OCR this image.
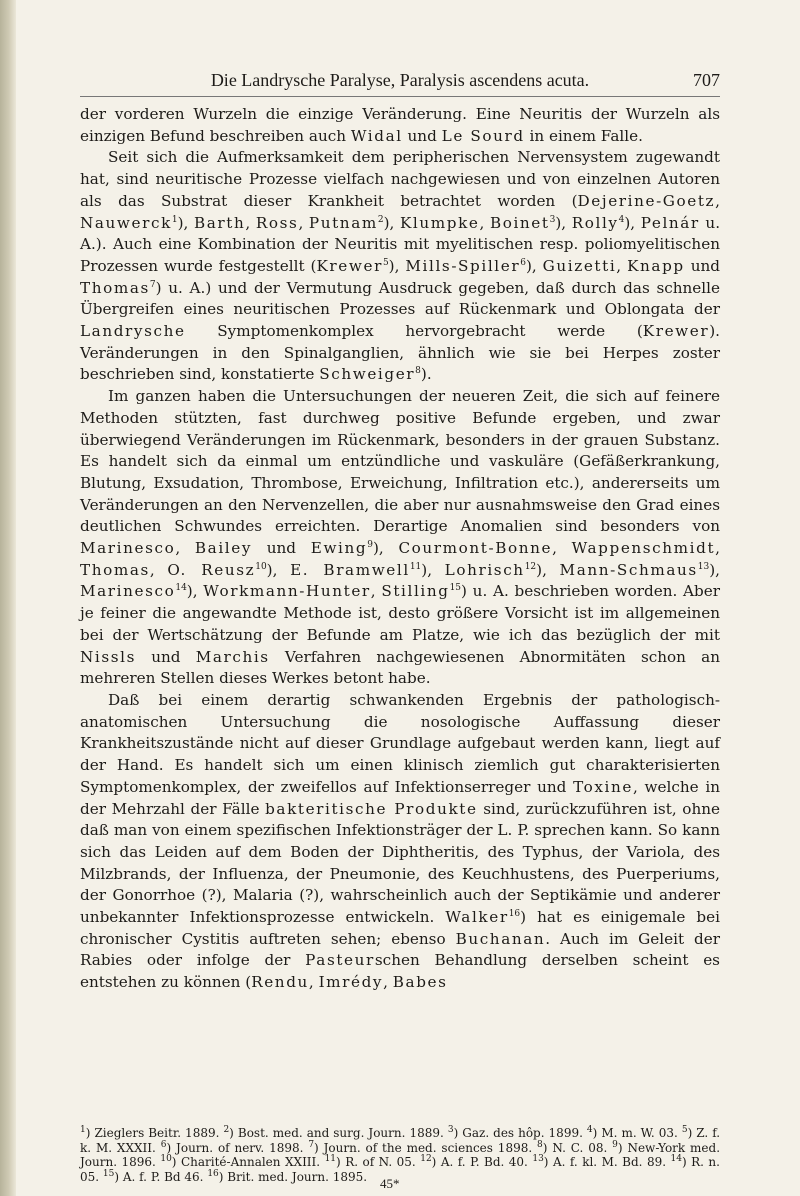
Die Landrysche Paralyse, Paralysis ascendens acuta.	707

der vorderen Wurzeln die einzige Veränderung. Eine Neuritis der Wurzeln als einzigen Befund beschreiben auch Widal und Le Sourd in einem Falle.

Seit sich die Aufmerksamkeit dem peripherischen Nervensystem zugewandt hat, sind neuritische Prozesse vielfach nachgewiesen und von einzelnen Autoren als das Substrat dieser Krankheit betrachtet worden (Dejerine-Goetz, Nauwerck$^1$), Barth, Ross, Putnam$^2$), Klumpke, Boinet$^3$), Rolly$^4$), Pelnár u. A.). Auch eine Kombination der Neuritis mit myelitischen resp. poliomyelitischen Prozessen wurde festgestellt (Krewer$^5$), Mills-Spiller$^6$), Guizetti, Knapp und Thomas$^7$) u. A.) und der Vermutung Ausdruck gegeben, daß durch das schnelle Übergreifen eines neuritischen Prozesses auf Rückenmark und Oblongata der Landrysche Symptomenkomplex hervorgebracht werde (Krewer). Veränderungen in den Spinalganglien, ähnlich wie sie bei Herpes zoster beschrieben sind, konstatierte Schweiger$^8$).

Im ganzen haben die Untersuchungen der neueren Zeit, die sich auf feinere Methoden stützten, fast durchweg positive Befunde ergeben, und zwar überwiegend Veränderungen im Rückenmark, besonders in der grauen Substanz. Es handelt sich da einmal um entzündliche und vaskuläre (Gefäßerkrankung, Blutung, Exsudation, Thrombose, Erweichung, Infiltration etc.), andererseits um Veränderungen an den Nervenzellen, die aber nur ausnahmsweise den Grad eines deutlichen Schwundes erreichten. Derartige Anomalien sind besonders von Marinesco, Bailey und Ewing$^9$), Courmont-Bonne, Wappenschmidt, Thomas, O. Reusz$^{10}$), E. Bramwell$^{11}$), Lohrisch$^{12}$), Mann-Schmaus$^{13}$), Marinesco$^{14}$), Workmann-Hunter, Stilling$^{15}$) u. A. beschrieben worden. Aber je feiner die angewandte Methode ist, desto größere Vorsicht ist im allgemeinen bei der Wertschätzung der Befunde am Platze, wie ich das bezüglich der mit Nissls und Marchis Verfahren nachgewiesenen Abnormitäten schon an mehreren Stellen dieses Werkes betont habe.

Daß bei einem derartig schwankenden Ergebnis der pathologisch-anatomischen Untersuchung die nosologische Auffassung dieser Krankheitszustände nicht auf dieser Grundlage aufgebaut werden kann, liegt auf der Hand. Es handelt sich um einen klinisch ziemlich gut charakterisierten Symptomenkomplex, der zweifellos auf Infektionserreger und Toxine, welche in der Mehrzahl der Fälle bakteritische Produkte sind, zurückzuführen ist, ohne daß man von einem spezifischen Infektionsträger der L. P. sprechen kann. So kann sich das Leiden auf dem Boden der Diphtheritis, des Typhus, der Variola, des Milzbrands, der Influenza, der Pneumonie, des Keuchhustens, des Puerperiums, der Gonorrhoe (?), Malaria (?), wahrscheinlich auch der Septikämie und anderer unbekannter Infektionsprozesse entwickeln. Walker$^{16}$) hat es einigemale bei chronischer Cystitis auftreten sehen; ebenso Buchanan. Auch im Geleit der Rabies oder infolge der Pasteurschen Behandlung derselben scheint es entstehen zu können (Rendu, Imrédy, Babes

$^1$) Zieglers Beitr. 1889. $^2$) Bost. med. and surg. Journ. 1889. $^3$) Gaz. des hôp. 1899. $^4$) M. m. W. 03. $^5$) Z. f. k. M. XXXII. $^6$) Journ. of nerv. 1898. $^7$) Journ. of the med. sciences 1898. $^8$) N. C. 08. $^9$) New-York med. Journ. 1896. $^{10}$) Charité-Annalen XXIII. $^{11}$) R. of N. 05. $^{12}$) A. f. P. Bd. 40. $^{13}$) A. f. kl. M. Bd. 89. $^{14}$) R. n. 05. $^{15}$) A. f. P. Bd 46. $^{16}$) Brit. med. Journ. 1895. 45*
